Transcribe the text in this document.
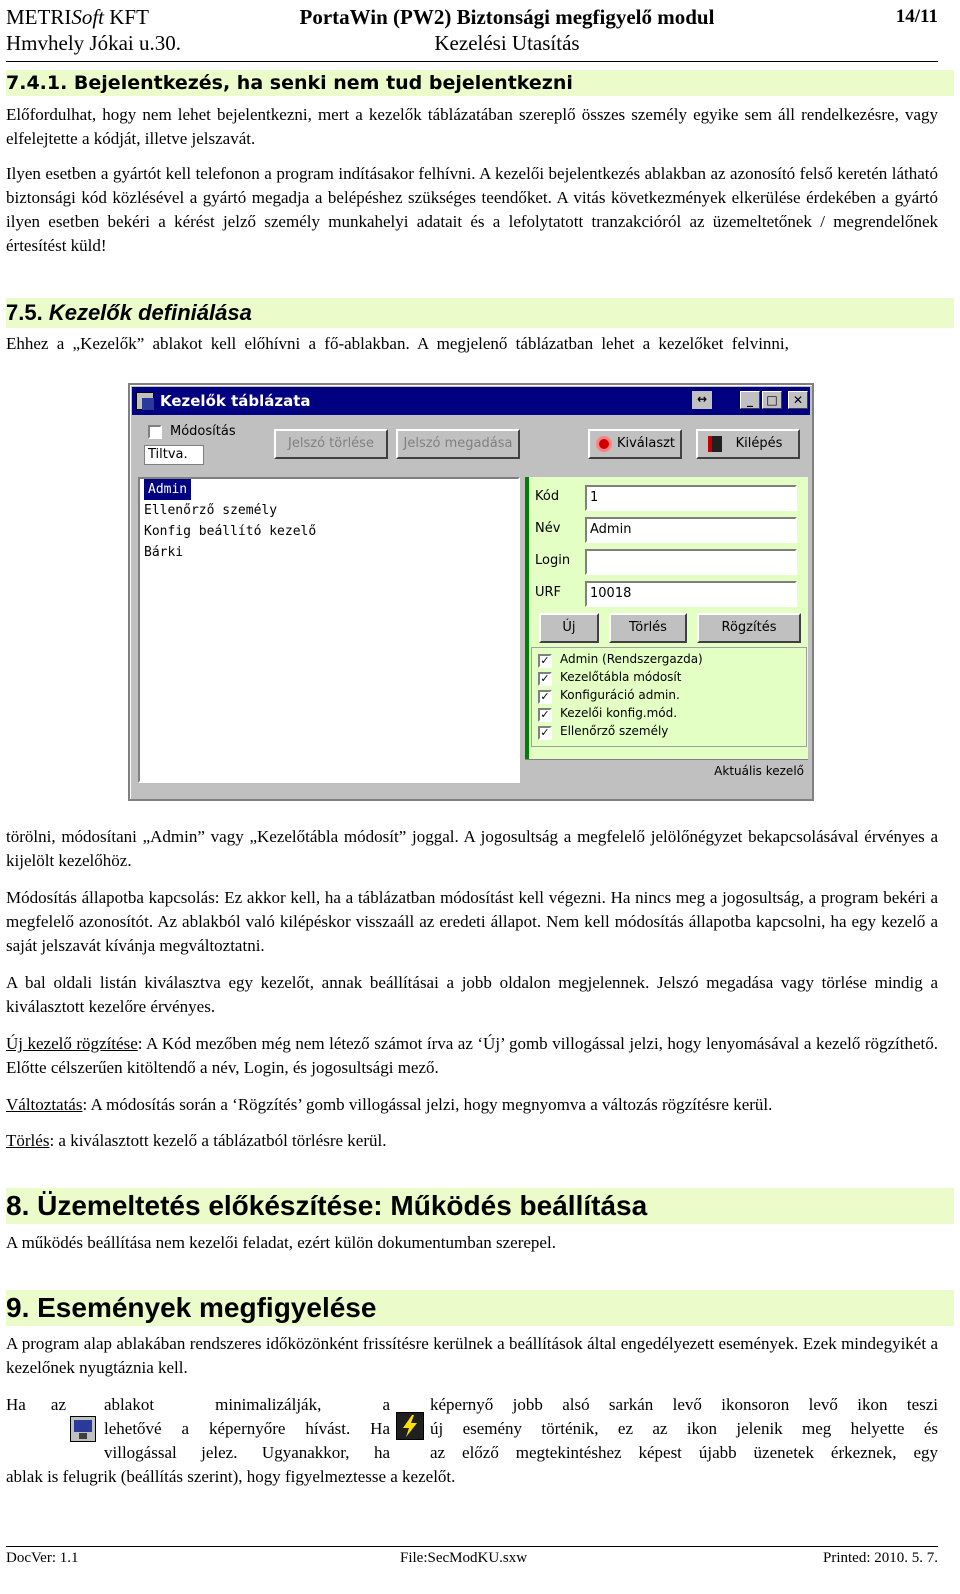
METRISoft KFT
Hmvhely Jókai u.30.
PortaWin (PW2) Biztonsági megfigyelő modul
Kezelési Utasítás
14/11
7.4.1. Bejelentkezés, ha senki nem tud bejelentkezni
Előfordulhat, hogy nem lehet bejelentkezni, mert a kezelők táblázatában szereplő összes személy egyike sem áll rendelkezésre, vagy elfelejtette a kódját, illetve jelszavát.
Ilyen esetben a gyártót kell telefonon a program indításakor felhívni. A kezelői bejelentkezés ablakban az azonosító felső keretén látható biztonsági kód közlésével a gyártó megadja a belépéshez szükséges teendőket. A vitás következmények elkerülése érdekében a gyártó ilyen esetben bekéri a kérést jelző személy munkahelyi adatait és a lefolytatott tranzakcióról az üzemeltetőnek / megrendelőnek értesítést küld!
7.5. Kezelők definiálása
Ehhez a „Kezelők” ablakot kell előhívni a fő-ablakban. A megjelenő táblázatban lehet a kezelőket felvinni,
Kezelők táblázata	↔	_	□	✕
Módosítás
Tiltva.
Jelszó törlése	Jelszó megadása	Kiválaszt	Kilépés
Admin
Ellenőrző személy
Konfig beállító kezelő
Bárki
Kód	1
Név	Admin
Login
URF	10018
Új	Törlés	Rögzítés
✓ Admin (Rendszergazda)
✓ Kezelőtábla módosít
✓ Konfiguráció admin.
✓ Kezelői konfig.mód.
✓ Ellenőrző személy
Aktuális kezelő
törölni, módosítani „Admin” vagy „Kezelőtábla módosít” joggal. A jogosultság a megfelelő jelölőnégyzet bekapcsolásával érvényes a kijelölt kezelőhöz.
Módosítás állapotba kapcsolás: Ez akkor kell, ha a táblázatban módosítást kell végezni. Ha nincs meg a jogosultság, a program bekéri a megfelelő azonosítót. Az ablakból való kilépéskor visszaáll az eredeti állapot. Nem kell módosítás állapotba kapcsolni, ha egy kezelő a saját jelszavát kívánja megváltoztatni.
A bal oldali listán kiválasztva egy kezelőt, annak beállításai a jobb oldalon megjelennek. Jelszó megadása vagy törlése mindig a kiválasztott kezelőre érvényes.
Új kezelő rögzítése: A Kód mezőben még nem létező számot írva az ‘Új’ gomb villogással jelzi, hogy lenyomásával a kezelő rögzíthető. Előtte célszerűen kitöltendő a név, Login, és jogosultsági mező.
Változtatás: A módosítás során a ‘Rögzítés’ gomb villogással jelzi, hogy megnyomva a változás rögzítésre kerül.
Törlés: a kiválasztott kezelő a táblázatból törlésre kerül.
8. Üzemeltetés előkészítése: Működés beállítása
A működés beállítása nem kezelői feladat, ezért külön dokumentumban szerepel.
9. Események megfigyelése
A program alap ablakában rendszeres időközönként frissítésre kerülnek a beállítások által engedélyezett események. Ezek mindegyikét a kezelőnek nyugtáznia kell.
Ha az ablakot minimalizálják, a
lehetővé a képernyőre hívást. Ha
villogással jelez. Ugyanakkor, ha
képernyő jobb alsó sarkán levő ikonsoron levő ikon teszi
új esemény történik, ez az ikon jelenik meg helyette és
az előző megtekintéshez képest újabb üzenetek érkeznek, egy
ablak is felugrik (beállítás szerint), hogy figyelmeztesse a kezelőt.
DocVer: 1.1	File:SecModKU.sxw	Printed: 2010. 5. 7.
